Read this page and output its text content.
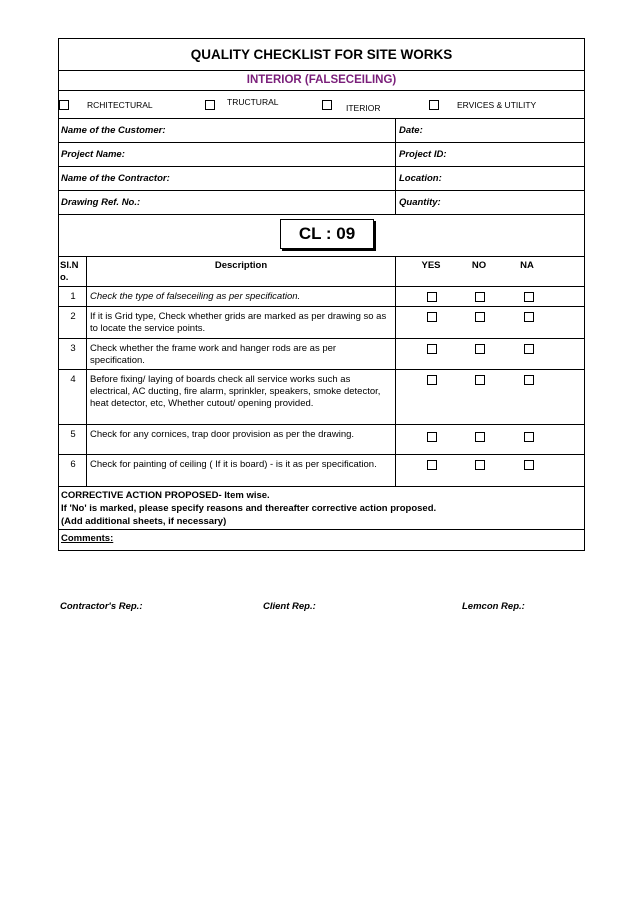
QUALITY CHECKLIST FOR SITE WORKS
INTERIOR (FALSECEILING)
RCHITECTURAL	TRUCTURAL
ITERIOR	ERVICES & UTILITY
Name of the Customer:	Date:
Project Name:	Project ID:
Name of the Contractor:	Location:
Drawing Ref. No.:	Quantity:
CL : 09
Sl.N o.
Description	YES	NO	NA
1	Check the type of falseceiling as per specification.
2	If it is Grid type, Check whether grids are marked as per drawing so as to locate the service points.
3	Check whether the frame work and hanger rods are as per specification.
4	Before fixing/ laying of boards check all service works such as electrical, AC ducting, fire alarm, sprinkler, speakers, smoke detector, heat detector, etc, Whether cutout/ opening provided.
5	Check for any cornices, trap door provision as per the drawing.
6	Check for painting of ceiling ( If it is board) - is it as per specification.
CORRECTIVE ACTION PROPOSED- Item wise.
If 'No' is marked, please specify reasons and thereafter corrective action proposed.
(Add additional sheets, if necessary)
Comments:
Contractor's Rep.:	Client Rep.:	Lemcon Rep.:
